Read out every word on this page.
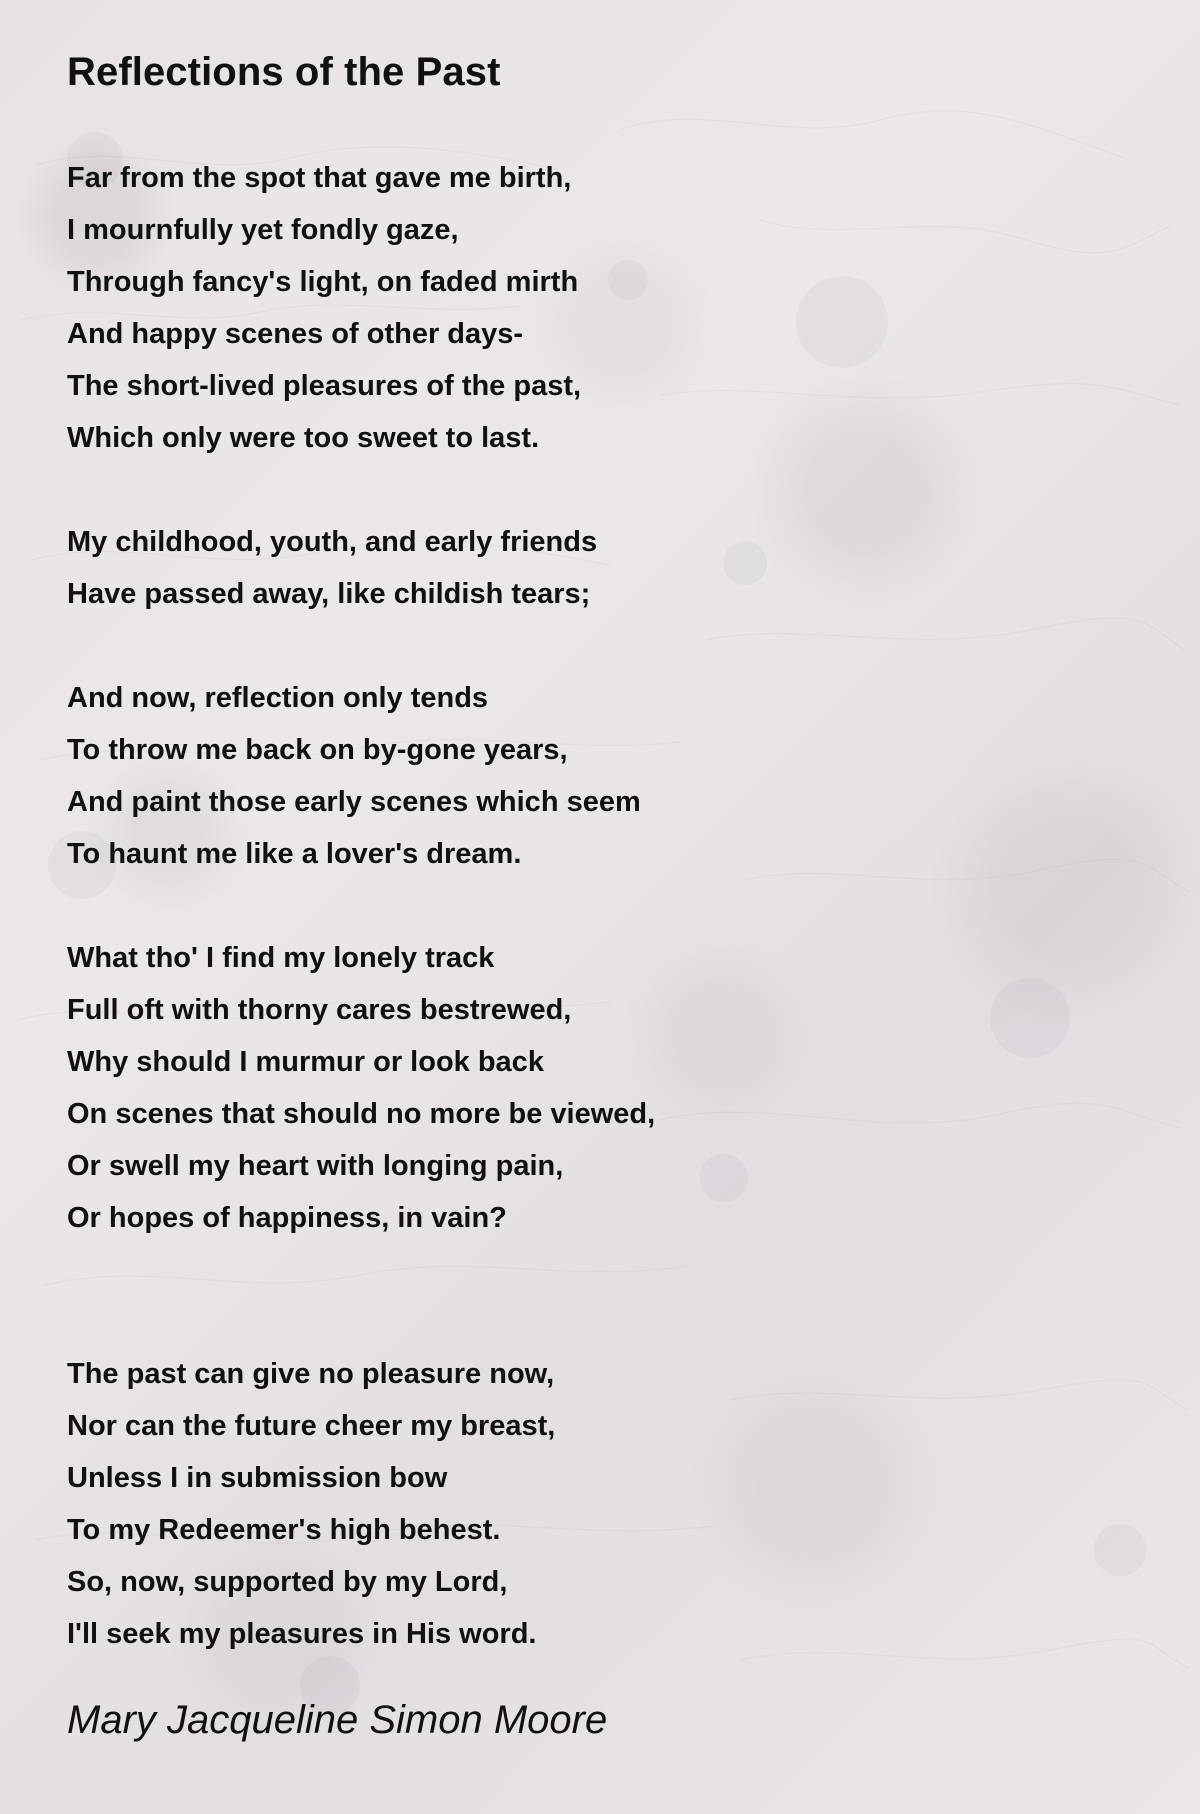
Reflections of the Past
Far from the spot that gave me birth,
I mournfully yet fondly gaze,
Through fancy's light, on faded mirth
And happy scenes of other days-
The short-lived pleasures of the past,
Which only were too sweet to last.
My childhood, youth, and early friends
Have passed away, like childish tears;
And now, reflection only tends
To throw me back on by-gone years,
And paint those early scenes which seem
To haunt me like a lover's dream.
What tho' I find my lonely track
Full oft with thorny cares bestrewed,
Why should I murmur or look back
On scenes that should no more be viewed,
Or swell my heart with longing pain,
Or hopes of happiness, in vain?
The past can give no pleasure now,
Nor can the future cheer my breast,
Unless I in submission bow
To my Redeemer's high behest.
So, now, supported by my Lord,
I'll seek my pleasures in His word.
Mary Jacqueline Simon Moore
